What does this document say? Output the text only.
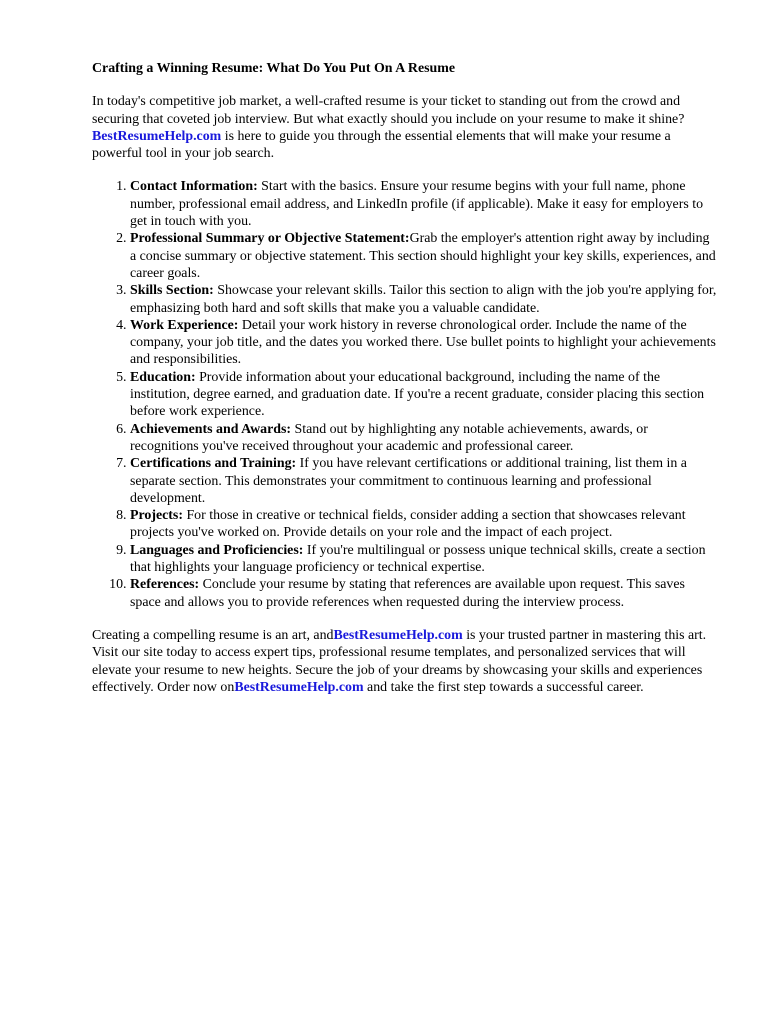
Crafting a Winning Resume: What Do You Put On A Resume

In today's competitive job market, a well-crafted resume is your ticket to standing out from the crowd and securing that coveted job interview. But what exactly should you include on your resume to make it shine? BestResumeHelp.com is here to guide you through the essential elements that will make your resume a powerful tool in your job search.

1. Contact Information: Start with the basics. Ensure your resume begins with your full name, phone number, professional email address, and LinkedIn profile (if applicable). Make it easy for employers to get in touch with you.
2. Professional Summary or Objective Statement:Grab the employer's attention right away by including a concise summary or objective statement. This section should highlight your key skills, experiences, and career goals.
3. Skills Section: Showcase your relevant skills. Tailor this section to align with the job you're applying for, emphasizing both hard and soft skills that make you a valuable candidate.
4. Work Experience: Detail your work history in reverse chronological order. Include the name of the company, your job title, and the dates you worked there. Use bullet points to highlight your achievements and responsibilities.
5. Education: Provide information about your educational background, including the name of the institution, degree earned, and graduation date. If you're a recent graduate, consider placing this section before work experience.
6. Achievements and Awards: Stand out by highlighting any notable achievements, awards, or recognitions you've received throughout your academic and professional career.
7. Certifications and Training: If you have relevant certifications or additional training, list them in a separate section. This demonstrates your commitment to continuous learning and professional development.
8. Projects: For those in creative or technical fields, consider adding a section that showcases relevant projects you've worked on. Provide details on your role and the impact of each project.
9. Languages and Proficiencies: If you're multilingual or possess unique technical skills, create a section that highlights your language proficiency or technical expertise.
10. References: Conclude your resume by stating that references are available upon request. This saves space and allows you to provide references when requested during the interview process.

Creating a compelling resume is an art, andBestResumeHelp.com is your trusted partner in mastering this art. Visit our site today to access expert tips, professional resume templates, and personalized services that will elevate your resume to new heights. Secure the job of your dreams by showcasing your skills and experiences effectively. Order now onBestResumeHelp.com and take the first step towards a successful career.
